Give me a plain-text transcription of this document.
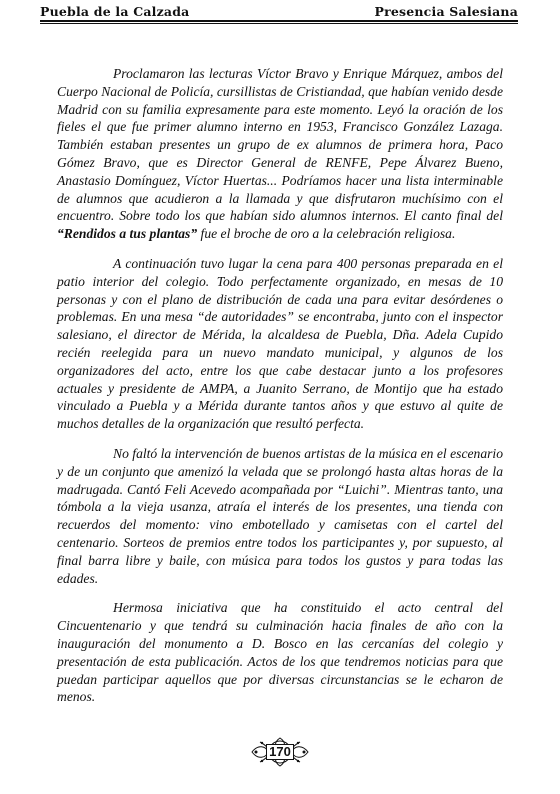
Puebla de la Calzada	Presencia Salesiana

Proclamaron las lecturas Víctor Bravo y Enrique Márquez, ambos del Cuerpo Nacional de Policía, cursillistas de Cristiandad, que habían venido desde Madrid con su familia expresamente para este momento. Leyó la oración de los fieles el que fue primer alumno interno en 1953, Francisco González Lazaga. También estaban presentes un grupo de ex alumnos de primera hora, Paco Gómez Bravo, que es Director General de RENFE, Pepe Álvarez Bueno, Anastasio Domínguez, Víctor Huertas... Podríamos hacer una lista interminable de alumnos que acudieron a la llamada y que disfrutaron muchísimo con el encuentro. Sobre todo los que habían sido alumnos internos. El canto final del “Rendidos a tus plantas” fue el broche de oro a la celebración religiosa.

A continuación tuvo lugar la cena para 400 personas preparada en el patio interior del colegio. Todo perfectamente organizado, en mesas de 10 personas y con el plano de distribución de cada una para evitar desórdenes o problemas. En una mesa “de autoridades” se encontraba, junto con el inspector salesiano, el director de Mérida, la alcaldesa de Puebla, Dña. Adela Cupido recién reelegida para un nuevo mandato municipal, y algunos de los organizadores del acto, entre los que cabe destacar junto a los profesores actuales y presidente de AMPA, a Juanito Serrano, de Montijo que ha estado vinculado a Puebla y a Mérida durante tantos años y que estuvo al quite de muchos detalles de la organización que resultó perfecta.

No faltó la intervención de buenos artistas de la música en el escenario y de un conjunto que amenizó la velada que se prolongó hasta altas horas de la madrugada. Cantó Feli Acevedo acompañada por “Luichi”. Mientras tanto, una tómbola a la vieja usanza, atraía el interés de los presentes, una tienda con recuerdos del momento: vino embotellado y camisetas con el cartel del centenario. Sorteos de premios entre todos los participantes y, por supuesto, al final barra libre y baile, con música para todos los gustos y para todas las edades.

Hermosa iniciativa que ha constituido el acto central del Cincuentenario y que tendrá su culminación hacia finales de año con la inauguración del monumento a D. Bosco en las cercanías del colegio y presentación de esta publicación. Actos de los que tendremos noticias para que puedan participar aquellos que por diversas circunstancias se le echaron de menos.

170
